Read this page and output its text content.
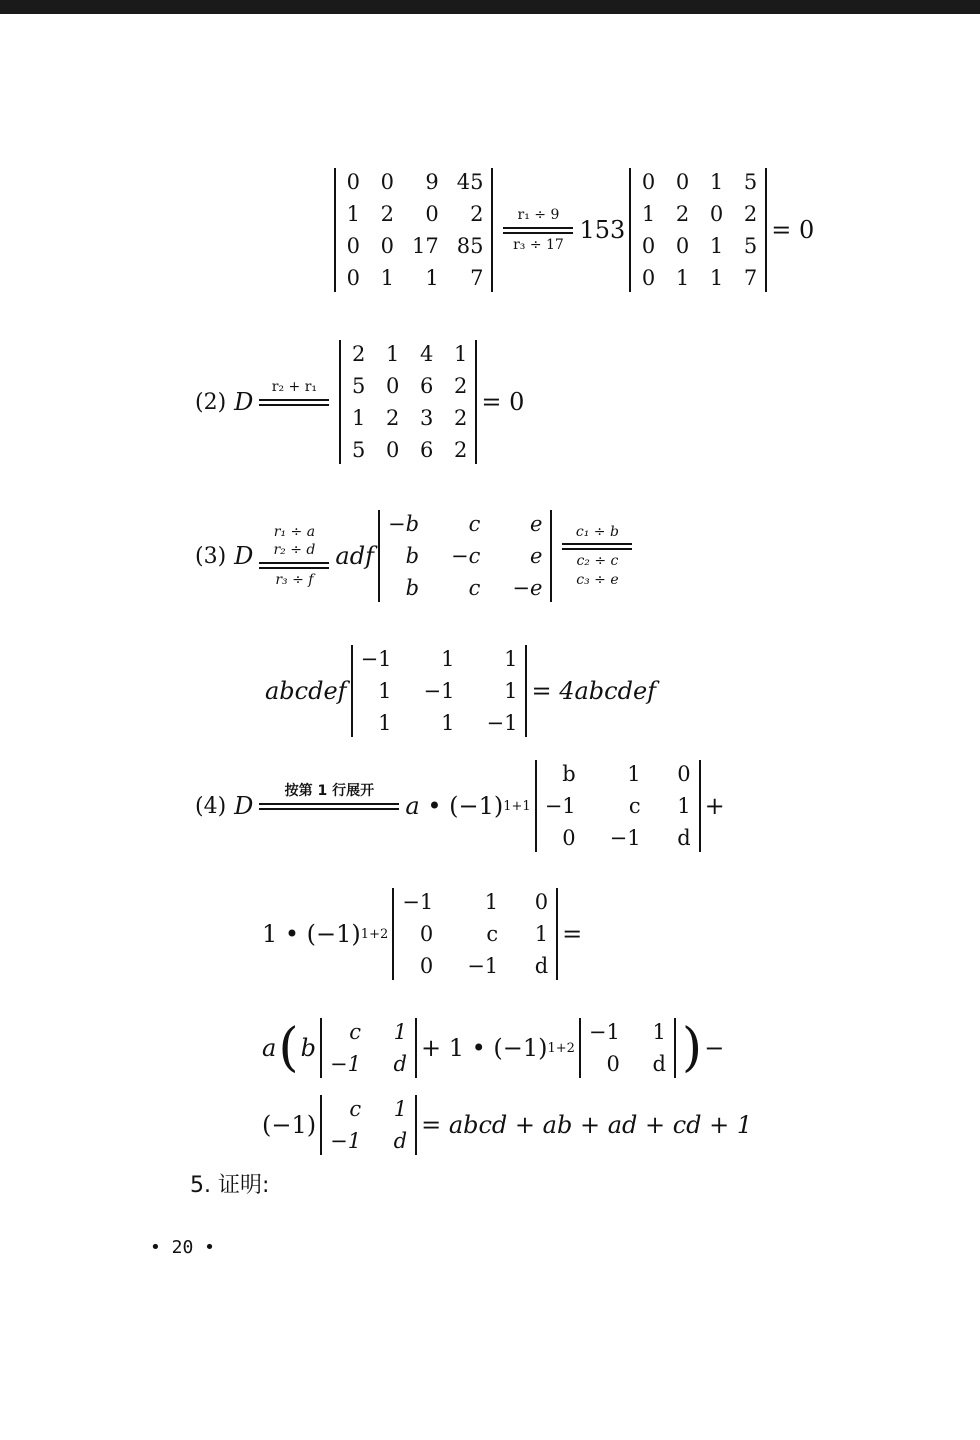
0 0	9 45
1 2	0	2
0 0 17 85
0 1	1	7
r₁ ÷ 9
r₃ ÷ 17
153
0 0 1 5
1 2 0 2
0 0 1 5
0 1 1 7
= 0
(2) D
r₂ + r₁

2 1 4 1
5 0 6 2
1 2 3 2
5 0 6 2
= 0
(3) D
r₁ ÷ a
r₂ ÷ d
r₃ ÷ f
adf
−b	c	e
b −c	e
b	c −e
c₁ ÷ b
c₂ ÷ c
c₃ ÷ e
abcdef
−1	1	1
1 −1	1
1	1 −1
= 4abcdef
(4) D
按第 1 行展开

a • (−1) 1+1
b	1 0
−1	c 1
0 −1 d
+
1 • (−1) 1+2
−1	1 0
0	c 1
0 −1 d
=
a ( b
c 1
−1 d
+ 1 • (−1) 1+2
−1 1
0 d ) −
(−1)
c 1
−1 d
= abcd + ab + ad + cd + 1
5. 证明:
• 20 •
